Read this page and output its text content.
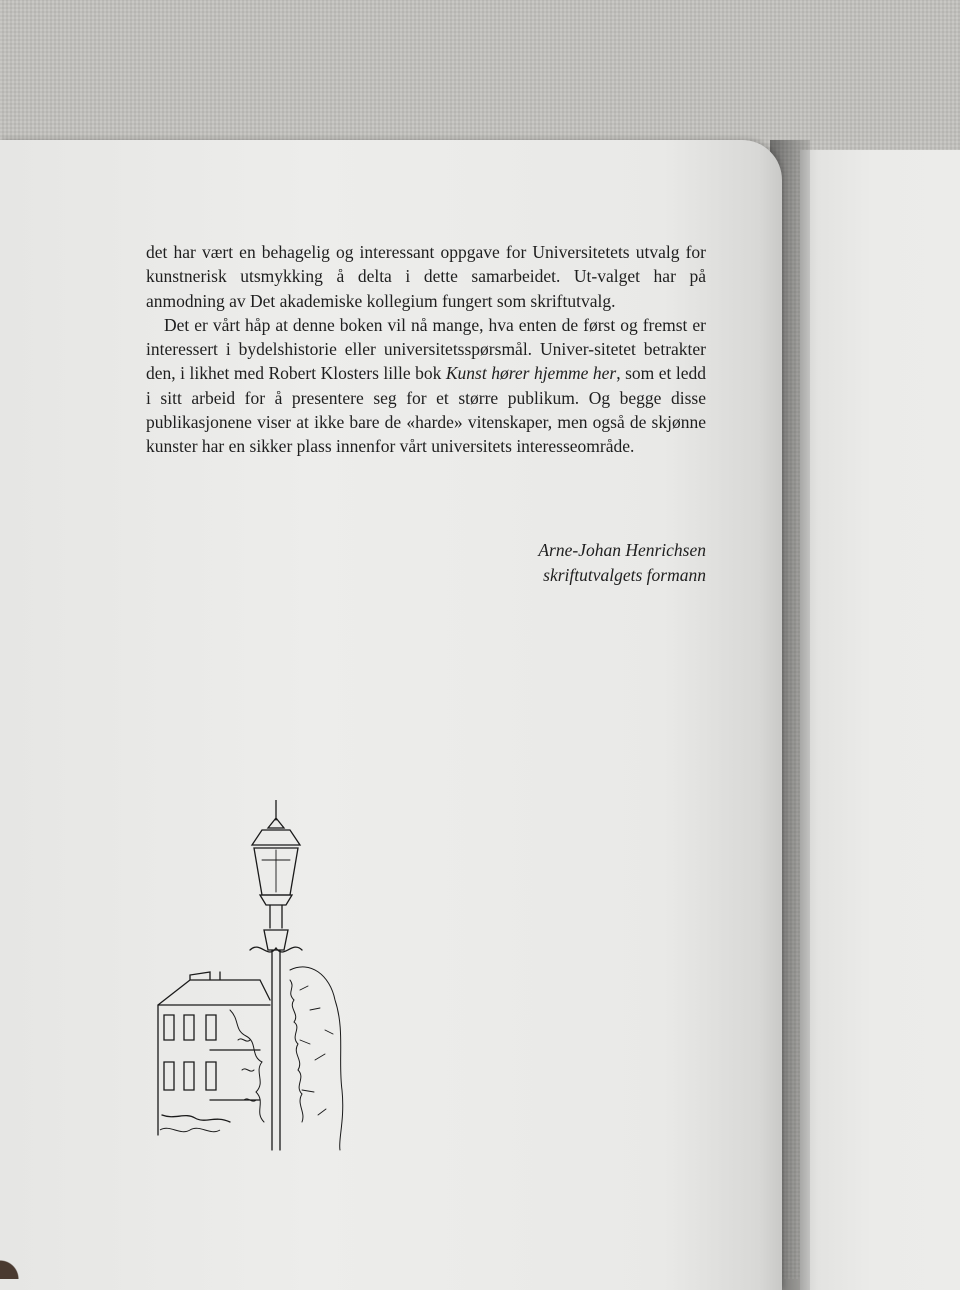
det har vært en behagelig og interessant oppgave for Universitetets utvalg for kunstnerisk utsmykking å delta i dette samarbeidet. Ut-valget har på anmodning av Det akademiske kollegium fungert som skriftutvalg.

Det er vårt håp at denne boken vil nå mange, hva enten de først og fremst er interessert i bydelshistorie eller universitetsspørsmål. Univer-sitetet betrakter den, i likhet med Robert Klosters lille bok Kunst hører hjemme her, som et ledd i sitt arbeid for å presentere seg for et større publikum. Og begge disse publikasjonene viser at ikke bare de «harde» vitenskaper, men også de skjønne kunster har en sikker plass innenfor vårt universitets interesseområde.

Arne-Johan Henrichsen
skriftutvalgets formann
